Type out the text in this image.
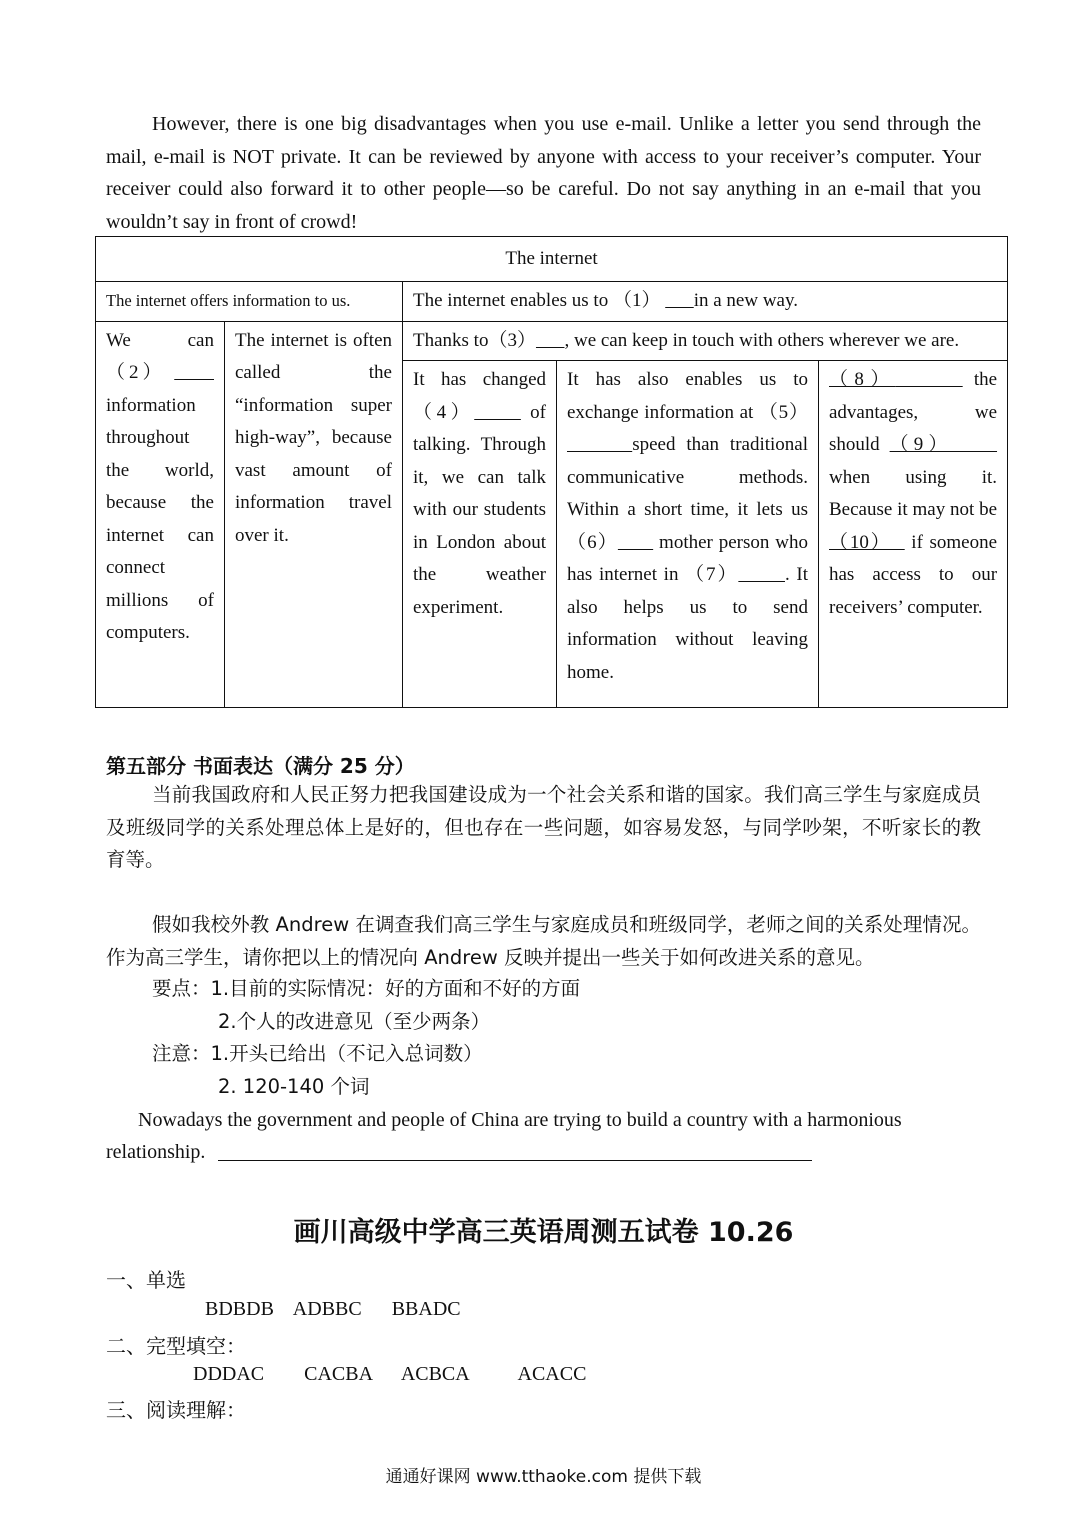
However, there is one big disadvantages when you use e-mail. Unlike a letter you send through the mail, e-mail is NOT private. It can be reviewed by anyone with access to your receiver’s computer. Your receiver could also forward it to other people—so be careful. Do not say anything in an e-mail that you wouldn’t say in front of crowd!

The internet				
The internet offers information to us.		The internet enables us to （1）       in a new way.		
We can （2）       information throughout the world, because the internet can connect millions of computers.	The internet is often called the “information super high-way”, because vast amount of information travel over it.	Thanks to（3） , we can keep in touch with others wherever we are.		
		It has changed （4）      of talking. Through it, we can talk with our students in London about the weather experiment.	It has also enables us to exchange information at （5）      speed than traditional communicative methods. Within a short time, it lets us （6）       mother person who has internet in （7） . It also helps us to send information without leaving home.	（8） the advantages, we should （9）      when using it. Because it may not be （10）   if someone has access to our receivers’ computer.
第五部分 书面表达（满分 25 分）

当前我国政府和人民正努力把我国建设成为一个社会关系和谐的国家。我们高三学生与家庭成员及班级同学的关系处理总体上是好的，但也存在一些问题，如容易发怒，与同学吵架，不听家长的教育等。

假如我校外教 Andrew 在调查我们高三学生与家庭成员和班级同学，老师之间的关系处理情况。作为高三学生，请你把以上的情况向 Andrew 反映并提出一些关于如何改进关系的意见。

要点：1.目前的实际情况：好的方面和不好的方面
2.个人的改进意见（至少两条）
注意：1.开头已给出（不记入总词数）
2. 120-140 个词
Nowadays the government and people of China are trying to build a country with a harmonious
relationship.
画川高级中学高三英语周测五试卷 10.26
一、单选
BDBDB    ADBBC      BBADC
二、完型填空：
DDDAC        CACBA      ACBCA          ACACC
三、阅读理解：
通通好课网 www.tthaoke.com 提供下载
